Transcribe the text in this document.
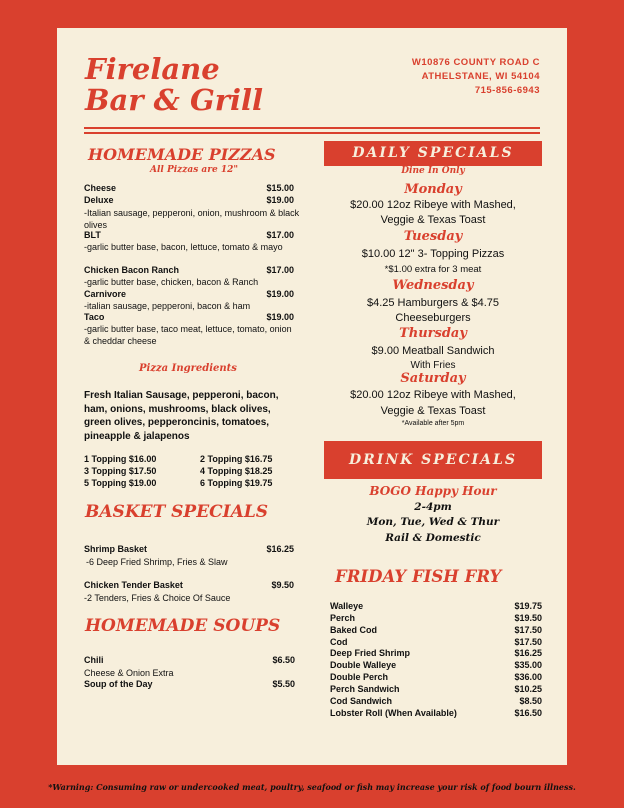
Firelane
Bar & Grill
W10876 COUNTY ROAD C
ATHELSTANE, WI 54104
715-856-6943
HOMEMADE PIZZAS
All Pizzas are 12"
Cheese	$15.00
Deluxe	$19.00
-Italian sausage, pepperoni, onion, mushroom & black olives
BLT	$17.00
-garlic butter base, bacon, lettuce, tomato & mayo
Chicken Bacon Ranch	$17.00
-garlic butter base, chicken, bacon & Ranch
Carnivore	$19.00
-italian sausage, pepperoni, bacon & ham
Taco	$19.00
-garlic butter base, taco meat, lettuce, tomato, onion & cheddar cheese
Pizza Ingredients
Fresh Italian Sausage, pepperoni, bacon, ham, onions, mushrooms, black olives, green olives, pepperoncinis, tomatoes, pineapple & jalapenos
1 Topping $16.00	2 Topping $16.75
3 Topping $17.50	4 Topping $18.25
5 Topping $19.00	6 Topping $19.75
BASKET SPECIALS
Shrimp Basket	$16.25
-6 Deep Fried Shrimp, Fries & Slaw
Chicken Tender Basket	$9.50
-2 Tenders, Fries & Choice Of Sauce
HOMEMADE SOUPS
Chili	$6.50
Cheese & Onion Extra
Soup of the Day	$5.50
DAILY SPECIALS
Dine In Only
Monday
$20.00 12oz Ribeye with Mashed,
Veggie & Texas Toast
Tuesday
$10.00 12" 3- Topping Pizzas
*$1.00 extra for 3 meat
Wednesday
$4.25 Hamburgers & $4.75
Cheeseburgers
Thursday
$9.00 Meatball Sandwich
With Fries
Saturday
$20.00 12oz Ribeye with Mashed,
Veggie & Texas Toast
*Available after 5pm
DRINK SPECIALS
BOGO Happy Hour
2-4pm
Mon, Tue, Wed & Thur
Rail & Domestic
FRIDAY FISH FRY
Walleye	$19.75
Perch	$19.50
Baked Cod	$17.50
Cod	$17.50
Deep Fried Shrimp	$16.25
Double Walleye	$35.00
Double Perch	$36.00
Perch Sandwich	$10.25
Cod Sandwich	$8.50
Lobster Roll (When Available)	$16.50
*Warning: Consuming raw or undercooked meat, poultry, seafood or fish may increase your risk of food bourn illness.
